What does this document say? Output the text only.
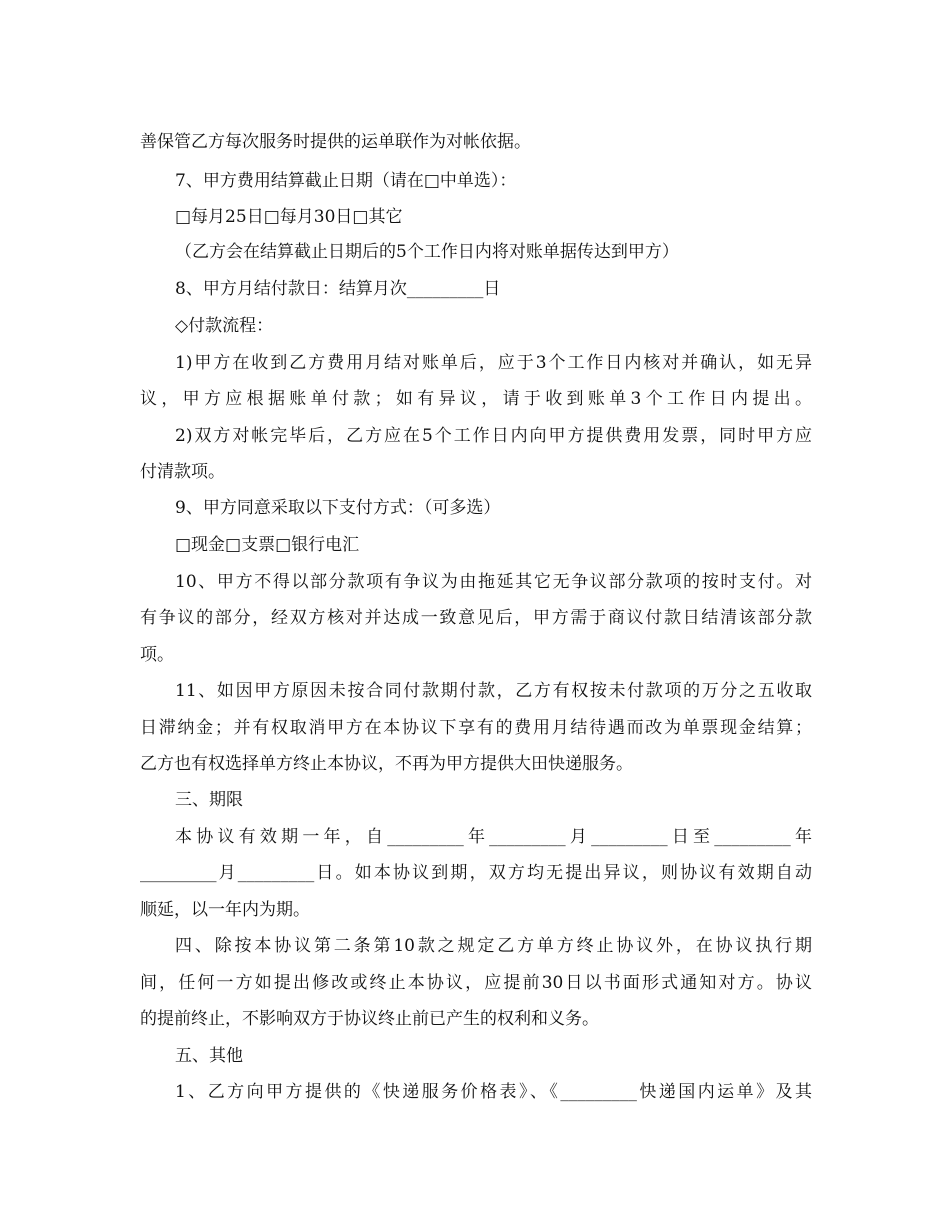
善保管乙方每次服务时提供的运单联作为对帐依据。
7、甲方费用结算截止日期（请在□中单选）：
□每月25日□每月30日□其它
（乙方会在结算截止日期后的5个工作日内将对账单据传达到甲方）
8、甲方月结付款日：结算月次_________日
◇付款流程：
1)甲方在收到乙方费用月结对账单后，应于3个工作日内核对并确认，如无异
议，甲方应根据账单付款；如有异议，请于收到账单3个工作日内提出。
2)双方对帐完毕后，乙方应在5个工作日内向甲方提供费用发票，同时甲方应
付清款项。
9、甲方同意采取以下支付方式：（可多选）
□现金□支票□银行电汇
10、甲方不得以部分款项有争议为由拖延其它无争议部分款项的按时支付。对
有争议的部分，经双方核对并达成一致意见后，甲方需于商议付款日结清该部分款
项。
11、如因甲方原因未按合同付款期付款，乙方有权按未付款项的万分之五收取
日滞纳金；并有权取消甲方在本协议下享有的费用月结待遇而改为单票现金结算；
乙方也有权选择单方终止本协议，不再为甲方提供大田快递服务。
三、期限
本协议有效期一年，自_________年_________月_________日至_________年
_________月_________日。如本协议到期，双方均无提出异议，则协议有效期自动
顺延，以一年内为期。
四、除按本协议第二条第10款之规定乙方单方终止协议外，在协议执行期
间，任何一方如提出修改或终止本协议，应提前30日以书面形式通知对方。协议
的提前终止，不影响双方于协议终止前已产生的权利和义务。
五、其他
1、乙方向甲方提供的《快递服务价格表》、《_________快递国内运单》及其
